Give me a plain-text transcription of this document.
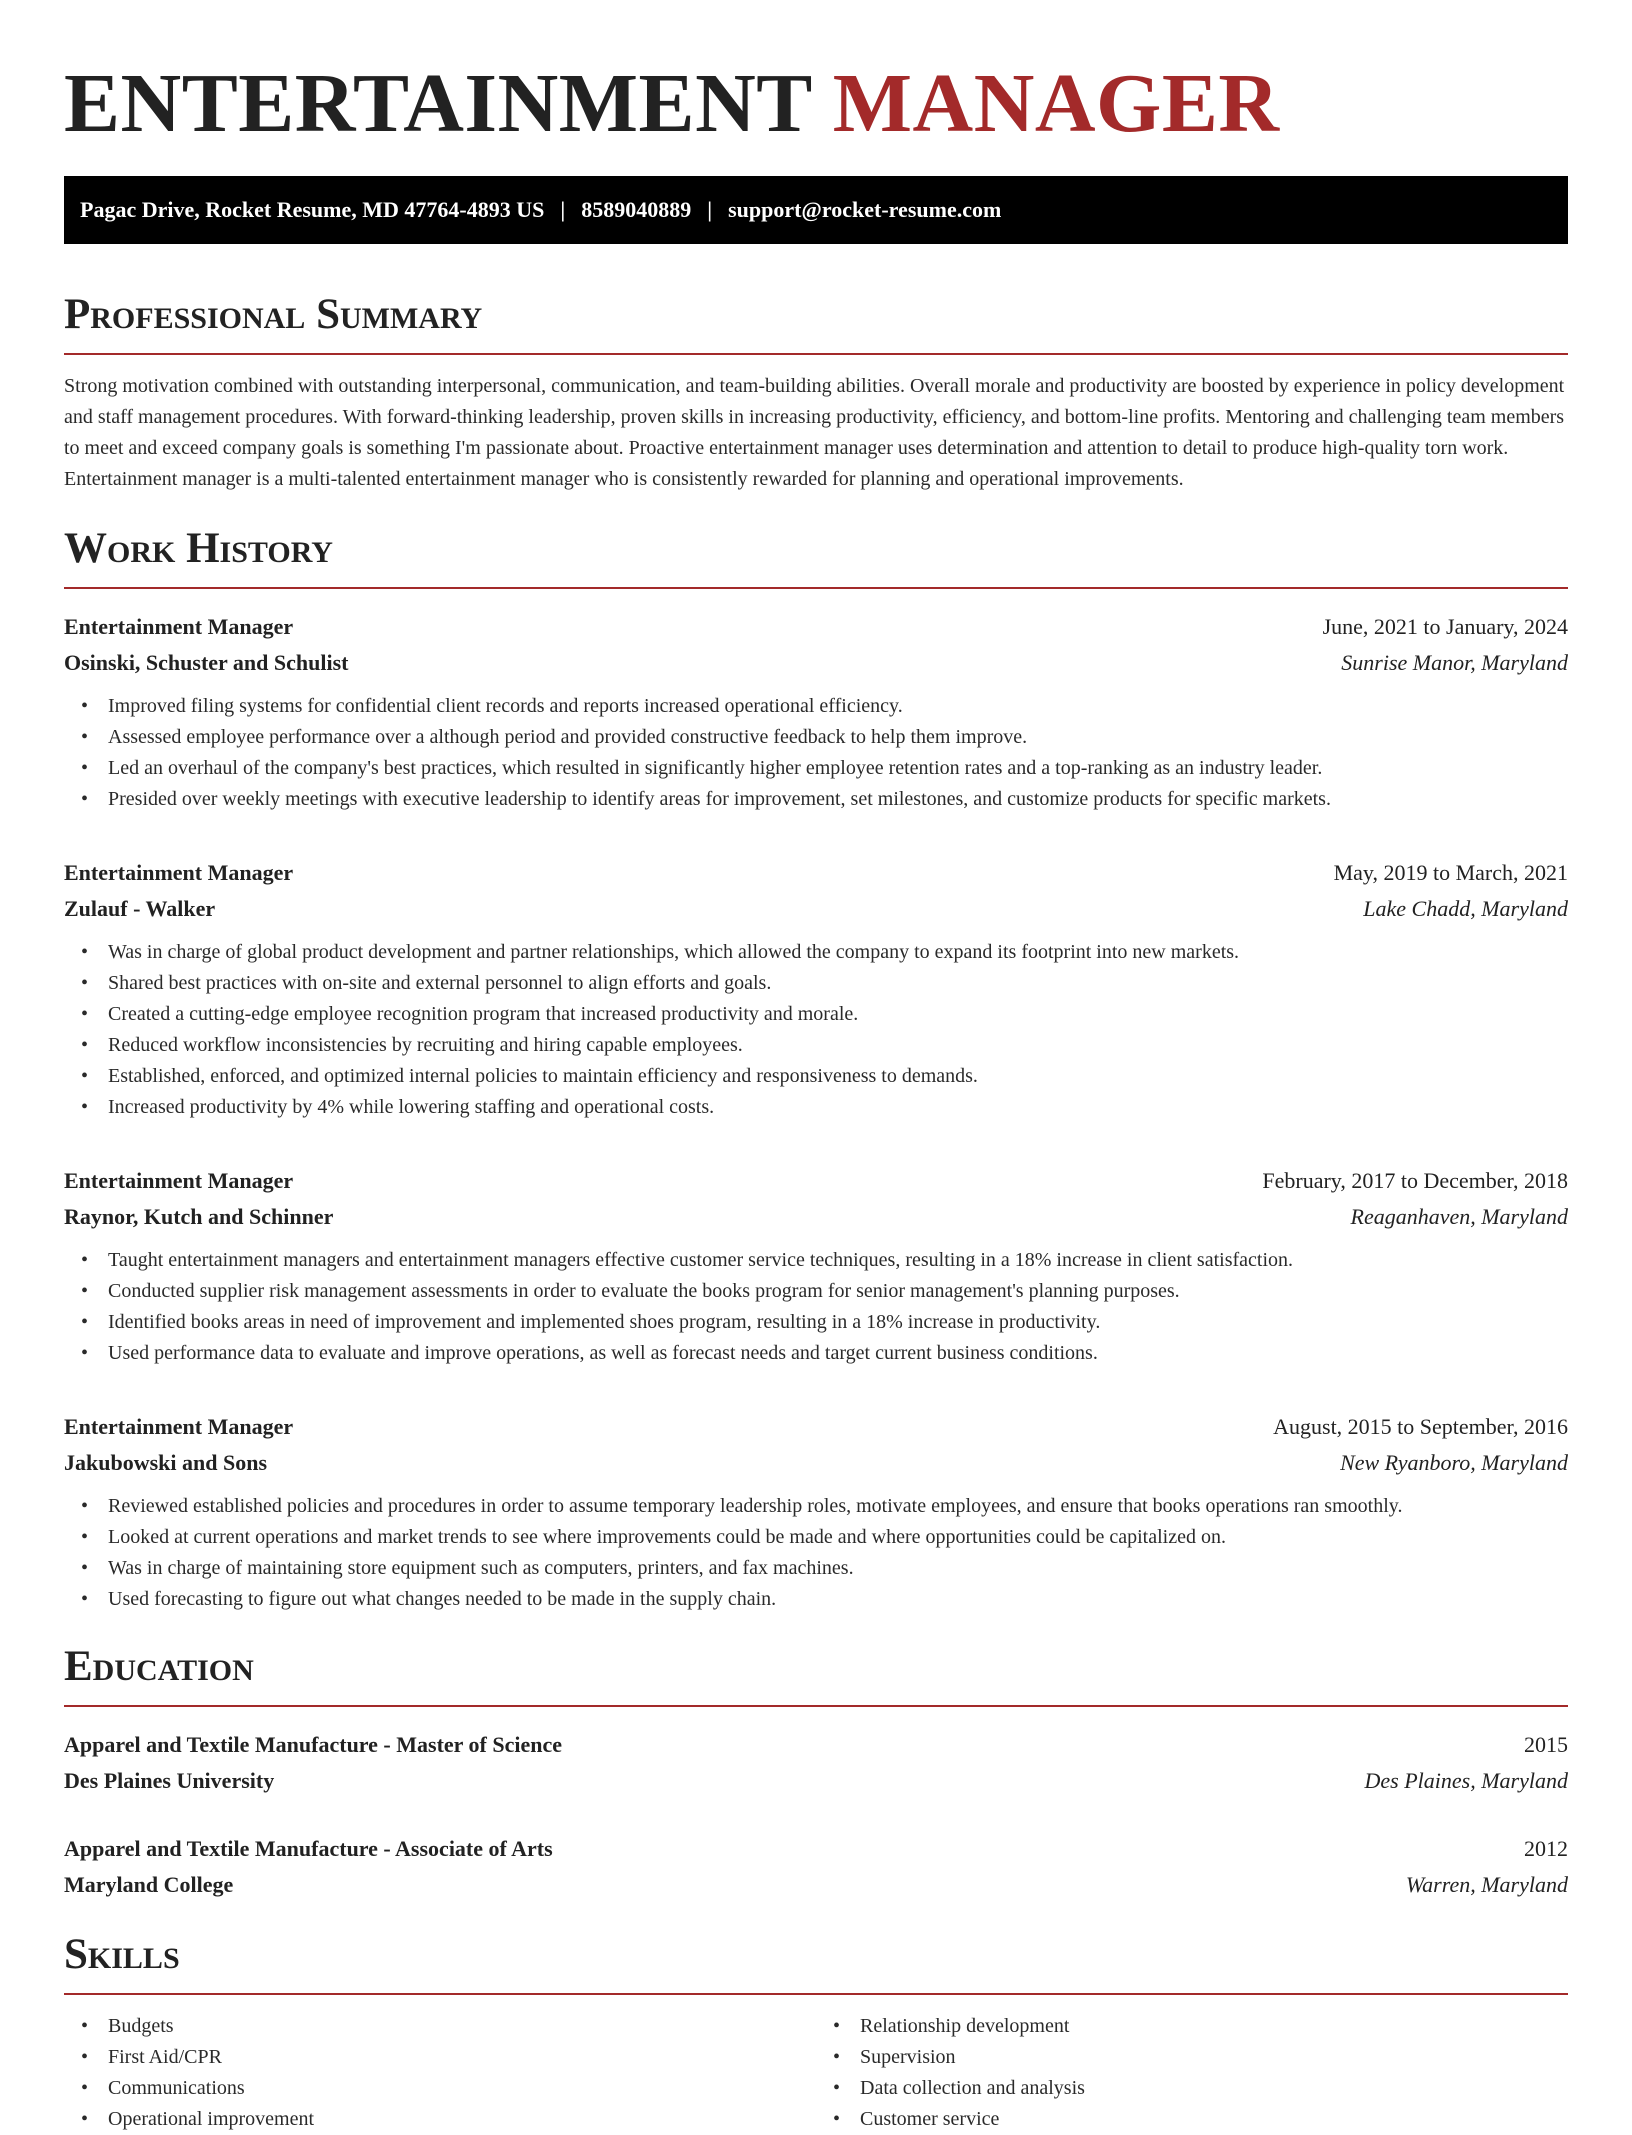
ENTERTAINMENT MANAGER
Pagac Drive, Rocket Resume, MD 47764-4893 US | 8589040889 | support@rocket-resume.com
Professional Summary

Strong motivation combined with outstanding interpersonal, communication, and team-building abilities. Overall morale and productivity are boosted by experience in policy development and staff management procedures. With forward-thinking leadership, proven skills in increasing productivity, efficiency, and bottom-line profits. Mentoring and challenging team members to meet and exceed company goals is something I'm passionate about. Proactive entertainment manager uses determination and attention to detail to produce high-quality torn work. Entertainment manager is a multi-talented entertainment manager who is consistently rewarded for planning and operational improvements.

Work History
Entertainment Manager	June, 2021 to January, 2024
Osinski, Schuster and Schulist	Sunrise Manor, Maryland
• Improved filing systems for confidential client records and reports increased operational efficiency.
• Assessed employee performance over a although period and provided constructive feedback to help them improve.
• Led an overhaul of the company's best practices, which resulted in significantly higher employee retention rates and a top-ranking as an industry leader.
• Presided over weekly meetings with executive leadership to identify areas for improvement, set milestones, and customize products for specific markets.
Entertainment Manager	May, 2019 to March, 2021
Zulauf - Walker	Lake Chadd, Maryland
• Was in charge of global product development and partner relationships, which allowed the company to expand its footprint into new markets.
• Shared best practices with on-site and external personnel to align efforts and goals.
• Created a cutting-edge employee recognition program that increased productivity and morale.
• Reduced workflow inconsistencies by recruiting and hiring capable employees.
• Established, enforced, and optimized internal policies to maintain efficiency and responsiveness to demands.
• Increased productivity by 4% while lowering staffing and operational costs.
Entertainment Manager	February, 2017 to December, 2018
Raynor, Kutch and Schinner	Reaganhaven, Maryland
• Taught entertainment managers and entertainment managers effective customer service techniques, resulting in a 18% increase in client satisfaction.
• Conducted supplier risk management assessments in order to evaluate the books program for senior management's planning purposes.
• Identified books areas in need of improvement and implemented shoes program, resulting in a 18% increase in productivity.
• Used performance data to evaluate and improve operations, as well as forecast needs and target current business conditions.
Entertainment Manager	August, 2015 to September, 2016
Jakubowski and Sons	New Ryanboro, Maryland
• Reviewed established policies and procedures in order to assume temporary leadership roles, motivate employees, and ensure that books operations ran smoothly.
• Looked at current operations and market trends to see where improvements could be made and where opportunities could be capitalized on.
• Was in charge of maintaining store equipment such as computers, printers, and fax machines.
• Used forecasting to figure out what changes needed to be made in the supply chain.
Education
Apparel and Textile Manufacture - Master of Science	2015
Des Plaines University	Des Plaines, Maryland
Apparel and Textile Manufacture - Associate of Arts	2012
Maryland College	Warren, Maryland
Skills
• Budgets
• First Aid/CPR
• Communications
• Operational improvement
• Relationship development
• Supervision
• Data collection and analysis
• Customer service
